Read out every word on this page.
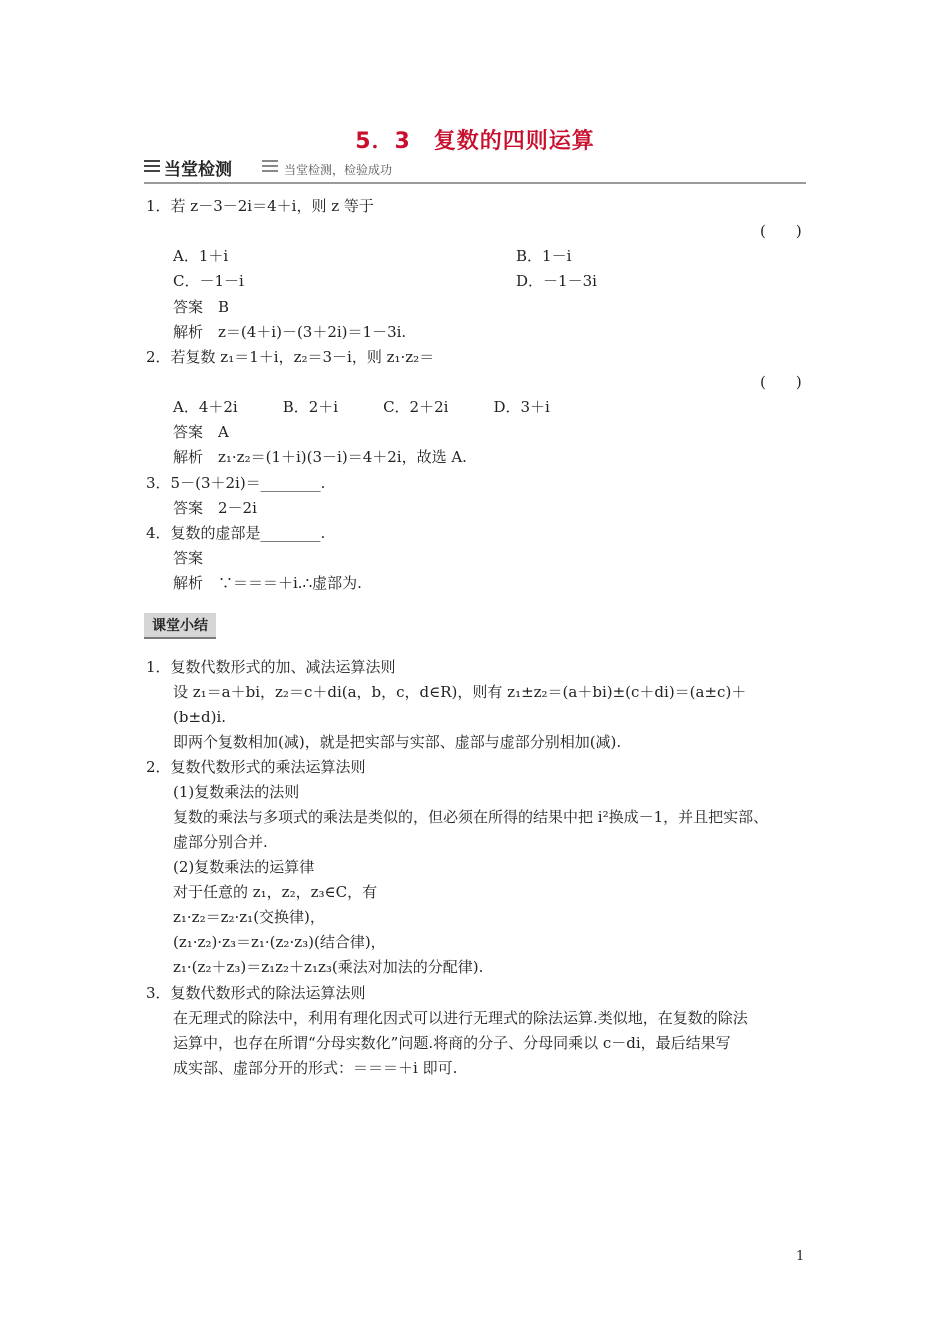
5．3　复数的四则运算
当堂检测	当堂检测，检验成功
1．若 z－3－2i＝4＋i，则 z 等于
(　　)
A．1＋i	B．1－i
C．－1－i	D．－1－3i
答案　B
解析　z＝(4＋i)－(3＋2i)＝1－3i.
2．若复数 z₁＝1＋i，z₂＝3－i，则 z₁·z₂＝
(　　)
A．4＋2i　　　B．2＋i　　　C．2＋2i　　　D．3＋i
答案　A
解析　z₁·z₂＝(1＋i)(3－i)＝4＋2i，故选 A.
3．5－(3＋2i)＝________.
答案　2－2i
4．复数的虚部是________.
答案
解析　∵＝＝＝＋i.∴虚部为.
课堂小结
1．复数代数形式的加、减法运算法则
设 z₁＝a＋bi，z₂＝c＋di(a，b，c，d∈R)，则有 z₁±z₂＝(a＋bi)±(c＋di)＝(a±c)＋
(b±d)i.
即两个复数相加(减)，就是把实部与实部、虚部与虚部分别相加(减).
2．复数代数形式的乘法运算法则
(1)复数乘法的法则
复数的乘法与多项式的乘法是类似的，但必须在所得的结果中把 i²换成－1，并且把实部、
虚部分别合并.
(2)复数乘法的运算律
对于任意的 z₁，z₂，z₃∈C，有
z₁·z₂＝z₂·z₁(交换律)，
(z₁·z₂)·z₃＝z₁·(z₂·z₃)(结合律)，
z₁·(z₂＋z₃)＝z₁z₂＋z₁z₃(乘法对加法的分配律).
3．复数代数形式的除法运算法则
在无理式的除法中，利用有理化因式可以进行无理式的除法运算.类似地，在复数的除法
运算中，也存在所谓“分母实数化”问题.将商的分子、分母同乘以 c－di，最后结果写
成实部、虚部分开的形式：＝＝＝＋i 即可.
1
